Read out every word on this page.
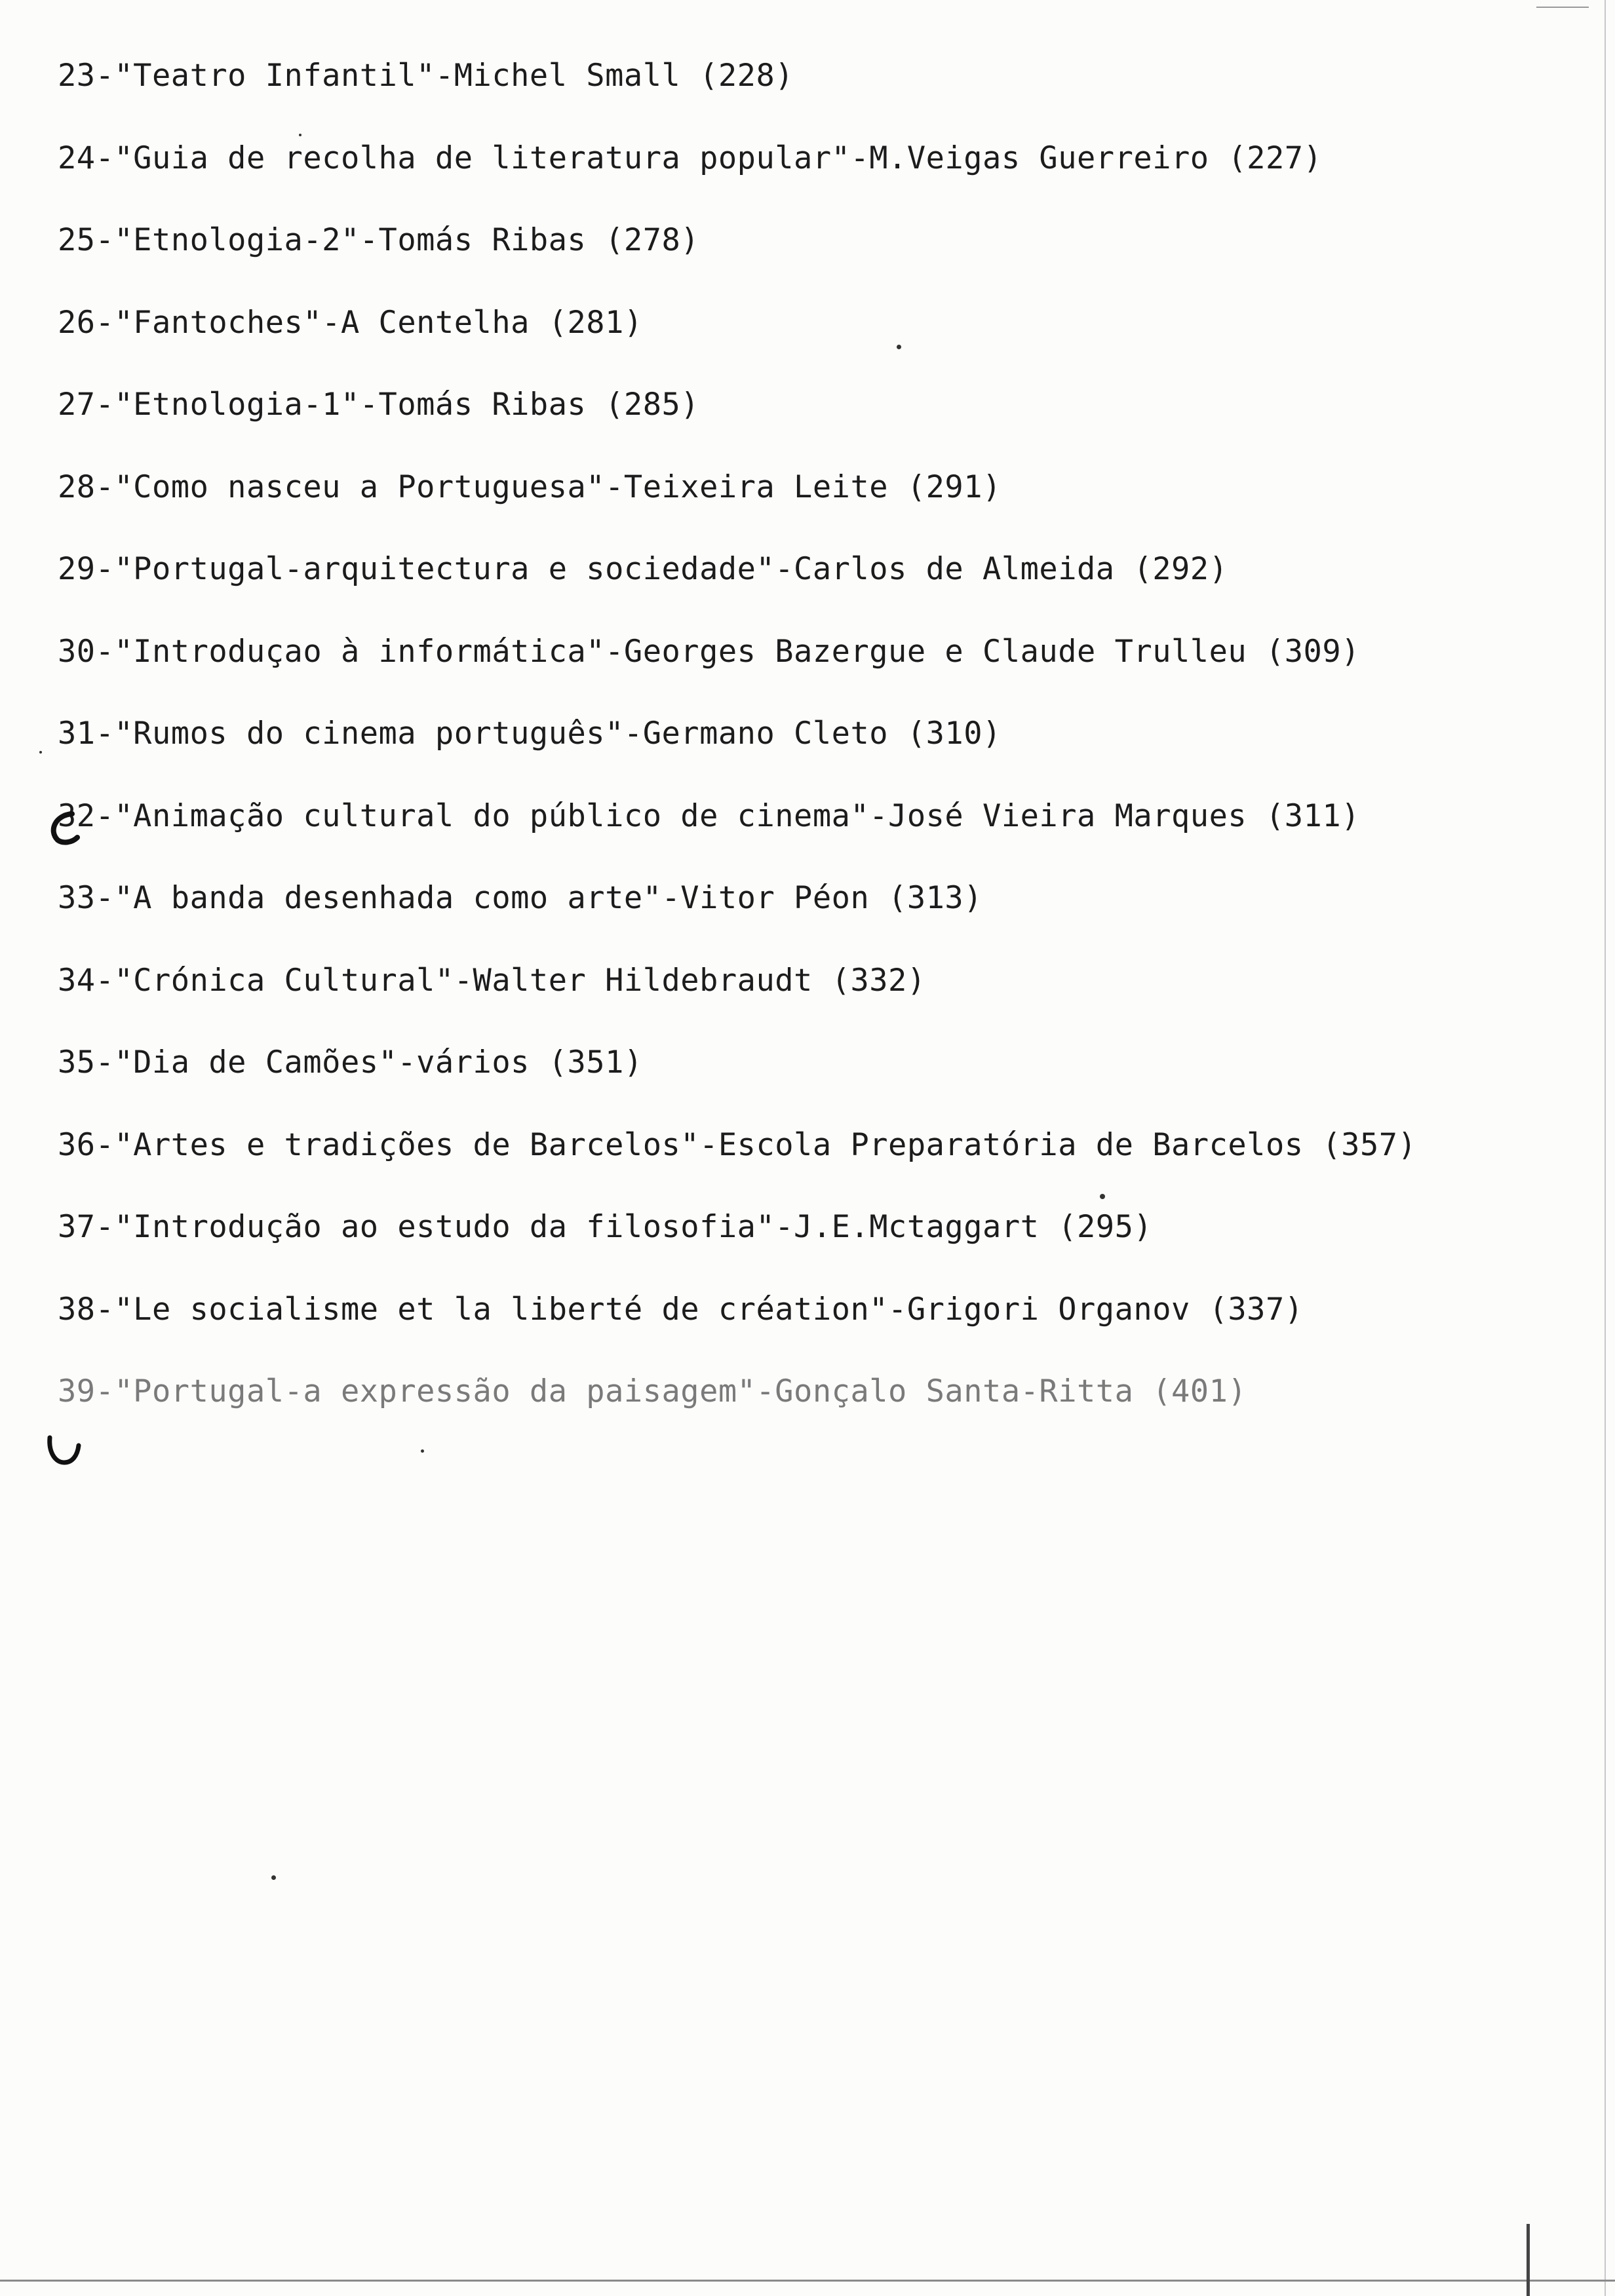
23-"Teatro Infantil"-Michel Small (228)
24-"Guia de recolha de literatura popular"-M.Veigas Guerreiro (227)
25-"Etnologia-2"-Tomás Ribas (278)
26-"Fantoches"-A Centelha (281)
27-"Etnologia-1"-Tomás Ribas (285)
28-"Como nasceu a Portuguesa"-Teixeira Leite (291)
29-"Portugal-arquitectura e sociedade"-Carlos de Almeida (292)
30-"Introduçao à informática"-Georges Bazergue e Claude Trulleu (309)
31-"Rumos do cinema português"-Germano Cleto (310)
32-"Animação cultural do público de cinema"-José Vieira Marques (311)
33-"A banda desenhada como arte"-Vitor Péon (313)
34-"Crónica Cultural"-Walter Hildebraudt (332)
35-"Dia de Camões"-vários (351)
36-"Artes e tradições de Barcelos"-Escola Preparatória de Barcelos (357)
37-"Introdução ao estudo da filosofia"-J.E.Mctaggart (295)
38-"Le socialisme et la liberté de création"-Grigori Organov (337)
39-"Portugal-a expressão da paisagem"-Gonçalo Santa-Ritta (401)
